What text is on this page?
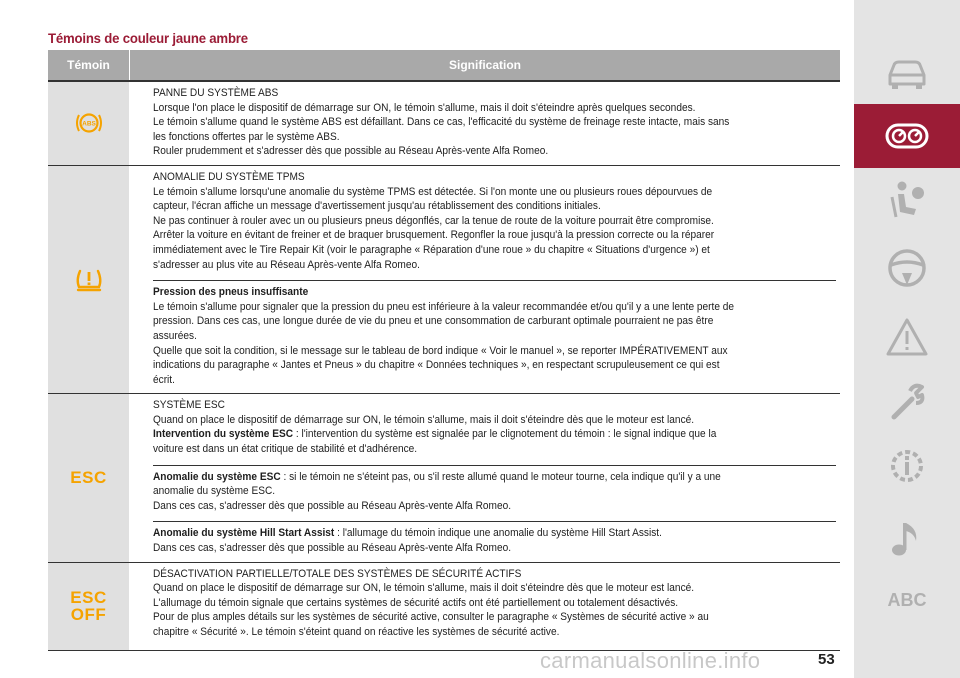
Témoins de couleur jaune ambre
Témoin	Signification
ABS

PANNE DU SYSTÈME ABS

Lorsque l'on place le dispositif de démarrage sur ON, le témoin s'allume, mais il doit s'éteindre après quelques secondes.

Le témoin s'allume quand le système ABS est défaillant. Dans ce cas, l'efficacité du système de freinage reste intacte, mais sans

les fonctions offertes par le système ABS.

Rouler prudemment et s'adresser dès que possible au Réseau Après-vente Alfa Romeo.

ANOMALIE DU SYSTÈME TPMS

Le témoin s'allume lorsqu'une anomalie du système TPMS est détectée. Si l'on monte une ou plusieurs roues dépourvues de

capteur, l'écran affiche un message d'avertissement jusqu'au rétablissement des conditions initiales.

Ne pas continuer à rouler avec un ou plusieurs pneus dégonflés, car la tenue de route de la voiture pourrait être compromise.

Arrêter la voiture en évitant de freiner et de braquer brusquement. Regonfler la roue jusqu'à la pression correcte ou la réparer

immédiatement avec le Tire Repair Kit (voir le paragraphe « Réparation d'une roue » du chapitre « Situations d'urgence ») et

s'adresser au plus vite au Réseau Après-vente Alfa Romeo.

Pression des pneus insuffisante

Le témoin s'allume pour signaler que la pression du pneu est inférieure à la valeur recommandée et/ou qu'il y a une lente perte de

pression. Dans ces cas, une longue durée de vie du pneu et une consommation de carburant optimale pourraient ne pas être

assurées.

Quelle que soit la condition, si le message sur le tableau de bord indique « Voir le manuel », se reporter IMPÉRATIVEMENT aux

indications du paragraphe « Jantes et Pneus » du chapitre « Données techniques », en respectant scrupuleusement ce qui est

écrit.

ESC

SYSTÈME ESC

Quand on place le dispositif de démarrage sur ON, le témoin s'allume, mais il doit s'éteindre dès que le moteur est lancé.

Intervention du système ESC : l'intervention du système est signalée par le clignotement du témoin : le signal indique que la

voiture est dans un état critique de stabilité et d'adhérence.

Anomalie du système ESC : si le témoin ne s'éteint pas, ou s'il reste allumé quand le moteur tourne, cela indique qu'il y a une

anomalie du système ESC.

Dans ces cas, s'adresser dès que possible au Réseau Après-vente Alfa Romeo.

Anomalie du système Hill Start Assist : l'allumage du témoin indique une anomalie du système Hill Start Assist.

Dans ces cas, s'adresser dès que possible au Réseau Après-vente Alfa Romeo.

ESC
OFF

DÉSACTIVATION PARTIELLE/TOTALE DES SYSTÈMES DE SÉCURITÉ ACTIFS

Quand on place le dispositif de démarrage sur ON, le témoin s'allume, mais il doit s'éteindre dès que le moteur est lancé.

L'allumage du témoin signale que certains systèmes de sécurité actifs ont été partiellement ou totalement désactivés.

Pour de plus amples détails sur les systèmes de sécurité active, consulter le paragraphe « Systèmes de sécurité active » au

chapitre « Sécurité ». Le témoin s'éteint quand on réactive les systèmes de sécurité active.

ABC
carmanualsonline.info	53
